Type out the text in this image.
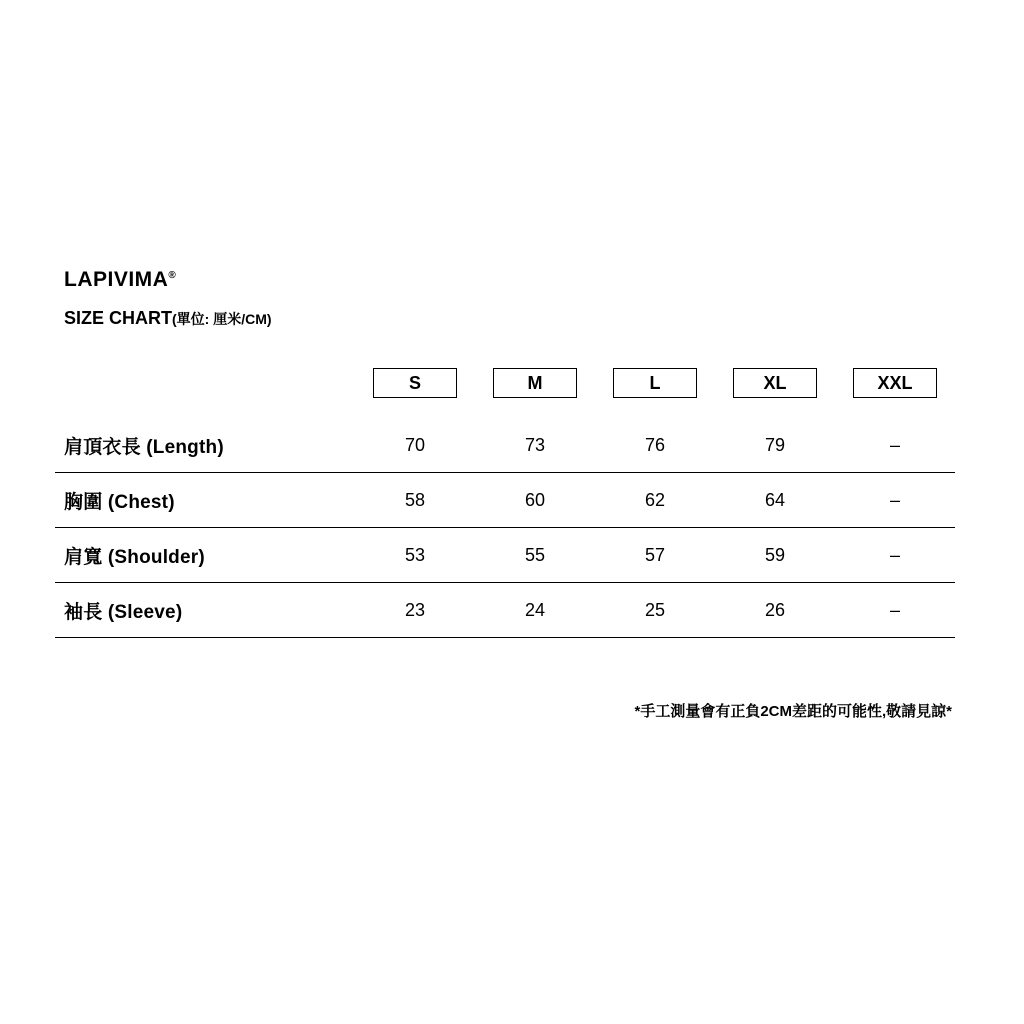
LAPIVIMA®
SIZE CHART(單位: 厘米/CM)
	S	M	L	XL	XXL
肩頂衣長 (Length)	70	73	76	79	–
胸圍 (Chest)	58	60	62	64	–
肩寬 (Shoulder)	53	55	57	59	–
袖長 (Sleeve)	23	24	25	26	–
*手工測量會有正負2CM差距的可能性,敬請見諒*
